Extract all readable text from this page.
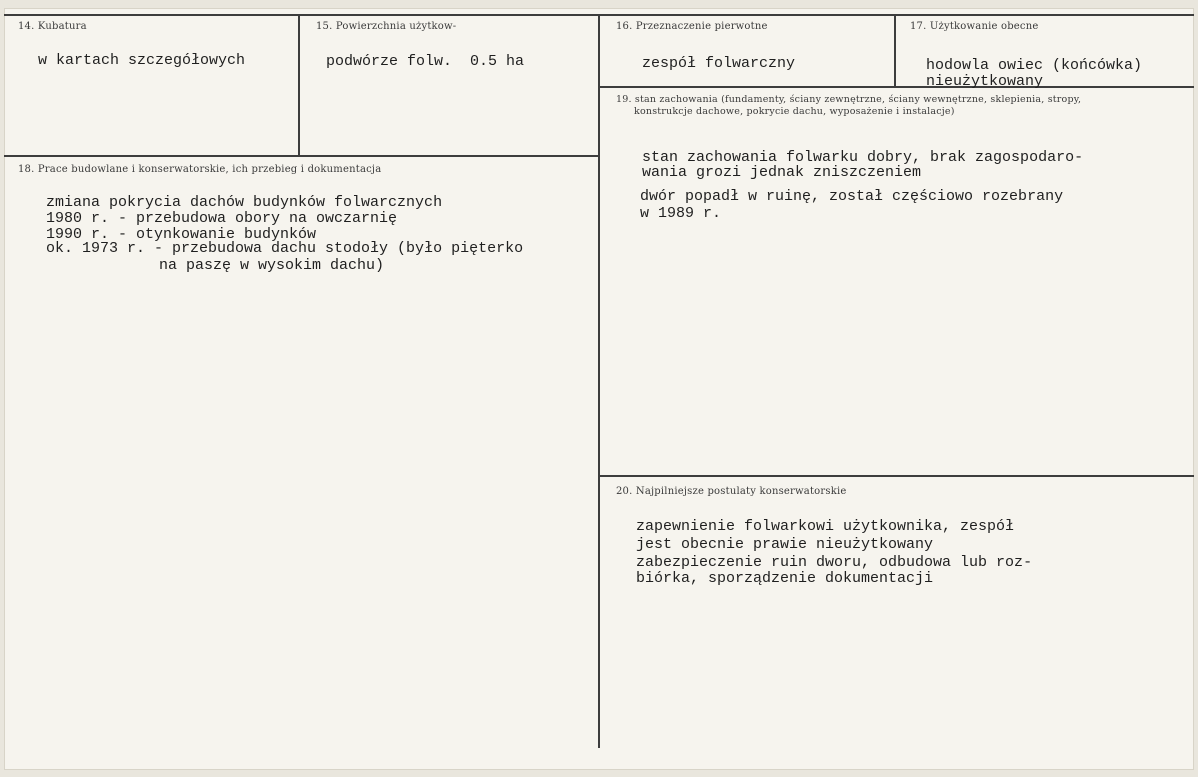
14. Kubatura
w kartach szczegółowych
15. Powierzchnia użytkow-
podwórze folw.  0.5 ha
16. Przeznaczenie pierwotne
zespół folwarczny
17. Użytkowanie obecne
hodowla owiec (końcówka)
nieużytkowany
18. Prace budowlane i konserwatorskie, ich przebieg i dokumentacja
zmiana pokrycia dachów budynków folwarcznych
1980 r. - przebudowa obory na owczarnię
1990 r. - otynkowanie budynków
ok. 1973 r. - przebudowa dachu stodoły (było pięterko
na paszę w wysokim dachu)
19. stan zachowania (fundamenty, ściany zewnętrzne, ściany wewnętrzne, sklepienia, stropy,
konstrukcje dachowe, pokrycie dachu, wyposażenie i instalacje)
stan zachowania folwarku dobry, brak zagospodaro-
wania grozi jednak zniszczeniem
dwór popadł w ruinę, został częściowo rozebrany
w 1989 r.
20. Najpilniejsze postulaty konserwatorskie
zapewnienie folwarkowi użytkownika, zespół
jest obecnie prawie nieużytkowany
zabezpieczenie ruin dworu, odbudowa lub roz-
biórka, sporządzenie dokumentacji
